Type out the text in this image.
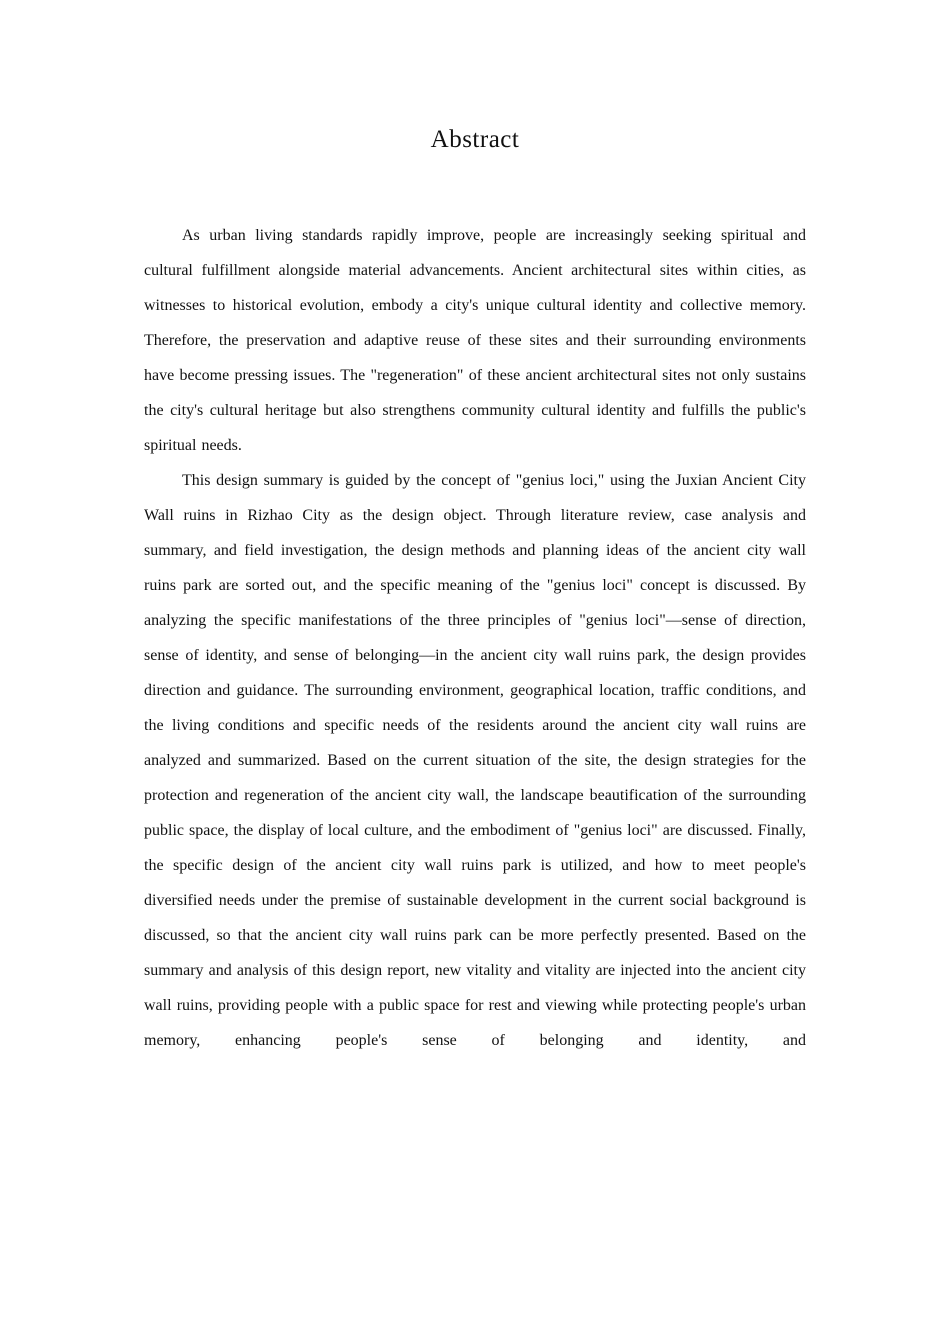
Abstract

As urban living standards rapidly improve, people are increasingly seeking spiritual and cultural fulfillment alongside material advancements. Ancient architectural sites within cities, as witnesses to historical evolution, embody a city's unique cultural identity and collective memory. Therefore, the preservation and adaptive reuse of these sites and their surrounding environments have become pressing issues. The "regeneration" of these ancient architectural sites not only sustains the city's cultural heritage but also strengthens community cultural identity and fulfills the public's spiritual needs.

This design summary is guided by the concept of "genius loci," using the Juxian Ancient City Wall ruins in Rizhao City as the design object. Through literature review, case analysis and summary, and field investigation, the design methods and planning ideas of the ancient city wall ruins park are sorted out, and the specific meaning of the "genius loci" concept is discussed. By analyzing the specific manifestations of the three principles of "genius loci"—sense of direction, sense of identity, and sense of belonging—in the ancient city wall ruins park, the design provides direction and guidance. The surrounding environment, geographical location, traffic conditions, and the living conditions and specific needs of the residents around the ancient city wall ruins are analyzed and summarized. Based on the current situation of the site, the design strategies for the protection and regeneration of the ancient city wall, the landscape beautification of the surrounding public space, the display of local culture, and the embodiment of "genius loci" are discussed. Finally, the specific design of the ancient city wall ruins park is utilized, and how to meet people's diversified needs under the premise of sustainable development in the current social background is discussed, so that the ancient city wall ruins park can be more perfectly presented. Based on the summary and analysis of this design report, new vitality and vitality are injected into the ancient city wall ruins, providing people with a public space for rest and viewing while protecting people's urban memory, enhancing people's sense of belonging and identity, and
